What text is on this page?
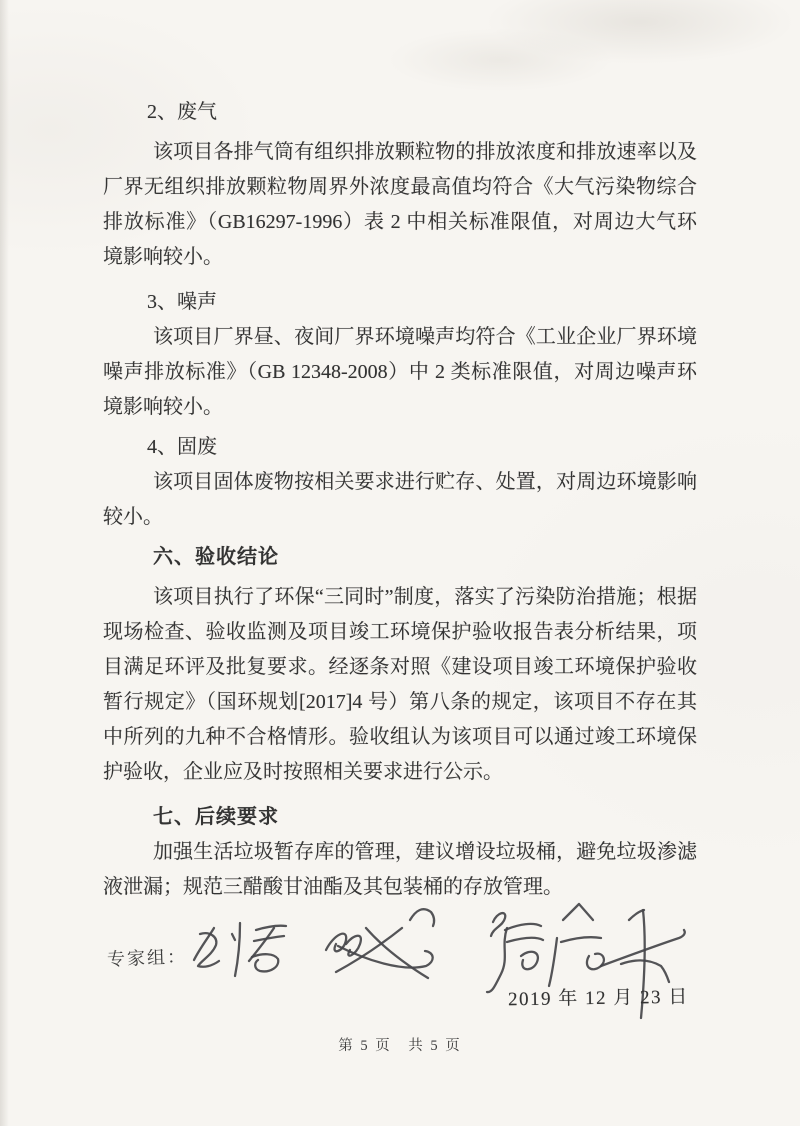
2、废气

该项目各排气筒有组织排放颗粒物的排放浓度和排放速率以及厂界无组织排放颗粒物周界外浓度最高值均符合《大气污染物综合排放标准》（GB16297-1996）表 2 中相关标准限值，对周边大气环境影响较小。

3、噪声

该项目厂界昼、夜间厂界环境噪声均符合《工业企业厂界环境噪声排放标准》（GB 12348-2008）中 2 类标准限值，对周边噪声环境影响较小。

4、固废

该项目固体废物按相关要求进行贮存、处置，对周边环境影响较小。

六、验收结论

该项目执行了环保“三同时”制度，落实了污染防治措施；根据现场检查、验收监测及项目竣工环境保护验收报告表分析结果，项目满足环评及批复要求。经逐条对照《建设项目竣工环境保护验收暂行规定》（国环规划[2017]4 号）第八条的规定，该项目不存在其中所列的九种不合格情形。验收组认为该项目可以通过竣工环境保护验收，企业应及时按照相关要求进行公示。

七、后续要求

加强生活垃圾暂存库的管理，建议增设垃圾桶，避免垃圾渗滤液泄漏；规范三醋酸甘油酯及其包装桶的存放管理。

专家组：
2019 年 12 月 23 日
第 5 页　共 5 页
